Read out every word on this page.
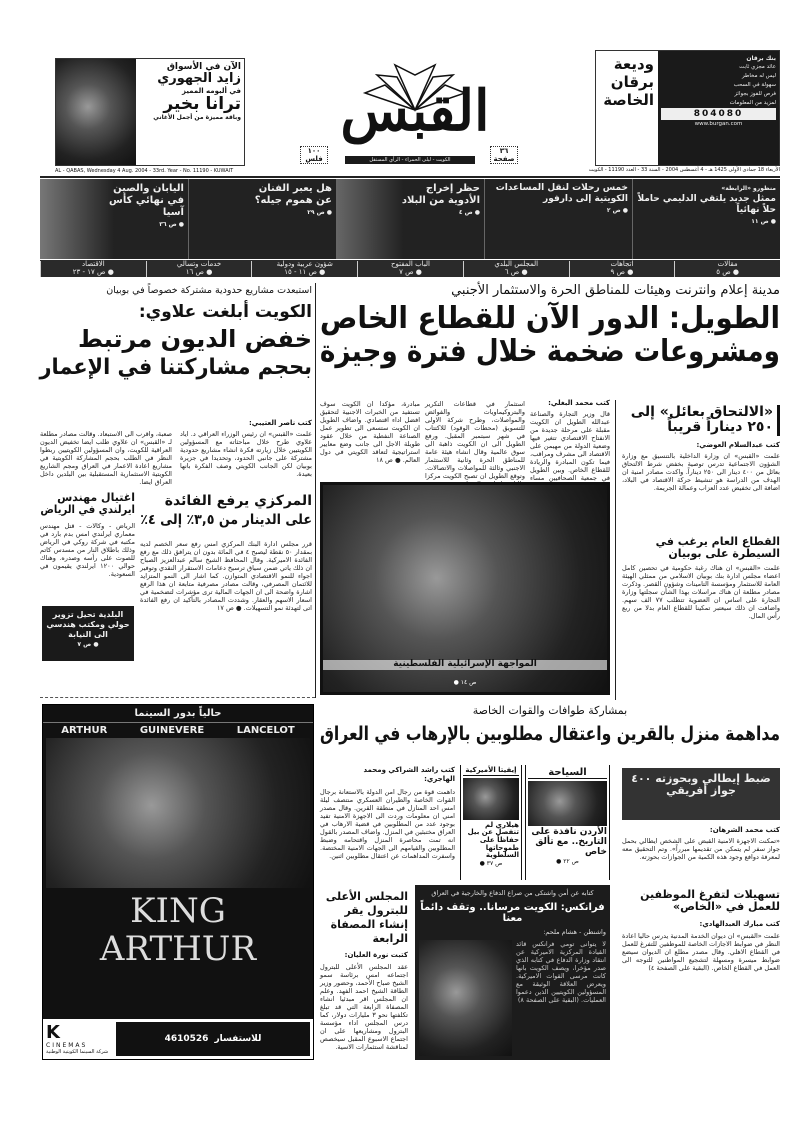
الآن في الأسواق
زايد الجهوري
في ألبومه المميز
ترانا بخير
وباقة مميزة من أجمل الأغاني	القبس
١٠٠
فلس
٣٦
صفحة
الكويت - ليلى الحمراء - الرأي المستقل
وديعة
برقان
الخاصة
بنك برقان
عائد مجزي ثابت
ليس له مخاطر
سهولة في السحب
فرص للفوز بجوائز
لمزيد من المعلومات
804080
www.burgan.com
AL - QABAS, Wednesday 4 Aug. 2004 - 33rd. Year - No. 11190 - KUWAIT	الأربعاء 18 جمادى الأولى 1425 هـ - 4 أغسطس 2004 - السنة 33 - العدد 11190 - الكويت
منظورو «الرابطة»
ممثل جديد يلتقي الدليمي حاملاً حلاً نهائياً
● ص ١١
خمس رحلات لنقل المساعدات الكويتية إلى دارفور
● ص ٢
حظر إخراج الأدوية من البلاد
● ص ٤
هل يعبر الفنان عن هموم جيله؟
● ص ٢٩
اليابان والصين في نهائي كأس آسيا
● ص ٣٦
مقالات
● ص ٥
اتجاهات
● ص ٩
المجلس البلدي
● ص ٦
الباب المفتوح
● ص ٧
شؤون عربية ودولية
● ص ١١ - ١٥
خدمات وتسالي
● ص ١٦
الاقتصاد
● ص ١٧ - ٢٣
مدينة إعلام وانترنت وهيئات للمناطق الحرة والاستثمار الأجنبي
الطويل: الدور الآن للقطاع الخاص
ومشروعات ضخمة خلال فترة وجيزة
كتب محمد البغلي:
قال وزير التجارة والصناعة عبدالله الطويل ان الكويت مقبلة على مرحلة جديدة من الانفتاح الاقتصادي تتغير فيها وضعية الدولة من مهيمن على الاقتصاد الى مشرف ومراقب، فيما تكون المبادرة والريادة للقطاع الخاص. وبين الطويل في جمعية الصحافيين مساء
استثمار في قطاعات التكرير والبتروكيماويات والفوائض والمواصلات، وطرح شركة الاولى للتسويق (محطات الوقود) للاكتتاب في شهر سبتمبر المقبل. ورفع الطويل الى ان الكويت ذاهبة الى سوق عالمية وقال انشاء هيئة عامة للمناطق الحرة وثانية للاستثمار الاجنبي وثالثة للمواصلات والاتصالات. وتوقع الطويل ان تصبح الكويت مركزا
مبادرة، مؤكدا ان الكويت سوف تستفيد من الخبرات الاجنبية لتحقيق افضل اداء اقتصادي. واضاف الطويل ان الكويت ستسعى الى تطوير عمل الصناعة النفطية من خلال عقود طويلة الاجل الى جانب وضع معايير استراتيجية لتعاقد الكويتي في دول العالم. ● ص ١٨
المواجهة الإسرائيلية الفلسطينية
● ص ١٤
«الالتحاق بعائل» إلى ٢٥٠ ديناراً قريباً
كتب عبدالسلام العوضي:
علمت «القبس» ان وزارة الداخلية بالتنسيق مع وزارة الشؤون الاجتماعية تدرس توصية بخفض شرط الالتحاق بعائل من ٤٠٠ دينار الى ٢٥٠ ديناراً. واكدت مصادر امنية ان الهدف من الدراسة هو تنشيط حركة الاقتصاد في البلاد، اضافة الى تخفيض عدد العزاب وعمالة الجريمة.
القطاع العام يرغب في السيطرة على بوبيان
علمت «القبس» ان هناك رغبة حكومية في تحصين كامل اعضاء مجلس ادارة بنك بوبيان الاسلامي من ممثلي الهيئة العامة للاستثمار ومؤسسة التامينات وشؤون القصر. وذكرت مصادر مطلعة ان هناك مراسلات بهذا الشأن سجلتها وزارة التجارة على اساس ان العضوية تتطلب ٧٧ الف سهم. واضافت ان ذلك سيعتبر تمكينا للقطاع العام بدلا من ربع رأس المال.
استبعدت مشاريع حدودية مشتركة خصوصاً في بوبيان
الكويت أبلغت علاوي:
خفض الديون مرتبط
بحجم مشاركتنا في الإعمار
كتب ناصر العتيبي:
علمت «القبس» ان رئيس الوزراء العراقي د. اياد علاوي طرح خلال مباحثاته مع المسؤولين الكويتيين خلال زيارته فكرة انشاء مشاريع حدودية مشتركة على جانبي الحدود، وتحديدا في جزيرة بوبيان لكن الجانب الكويتي وصف الفكرة بانها بعيدة.
صعبة، واقرب الى الاستبعاد. وقالت مصادر مطلعة لـ «القبس» ان علاوي طلب ايضا تخفيض الديون العراقية للكويت، وان المسؤولين الكويتيين ربطوا النظر في الطلب بحجم المشاركة الكويتية في مشاريع اعادة الاعمار في العراق ومجم الشاريع الكويتية الاستثمارية المستقبلية بين البلدين داخل العراق ايضا.
المركزي يرفع الفائدة
على الدينار من ٣,٥٪ إلى ٤٪
قرر مجلس ادارة البنك المركزي امس رفع سعر الخصم لديه بمقدار ٥٠ نقطة ليصبح ٤ في المائة بدون ان يترافق ذلك مع رفع الفائدة الاميركية. وقال المحافظ الشيخ سالم عبدالعزيز الصباح ان ذلك ياتي ضمن سياق ترسيخ دعامات الاستقرار النقدي وتوفير اجواء للنمو الاقتصادي المتوازن. كما اشار الى النمو المتزايد للائتمان المصرفي، وقالت مصادر مصرفية متابعة ان هذا الرفع اشارة واضحة الى ان الجهات المالية ترى مؤشرات لتضخمية في اسعار الاسهم والعقار. وشددت المصادر بالتأكيد ان رفع الفائدة اتى لتهدئة نمو التسهيلات. ● ص ١٧
اغتيال مهندس
ايرلندي في الرياض
الرياض - وكالات - قتل مهندس معماري ايرلندي امس بدم بارد في مكتبه في شركة روكي في الرياض وذلك باطلاق النار من مسدس كاتم للصوت على رأسه وصدره. وهناك حوالي ١٢٠٠ ايرلندي يقيمون في السعودية.
البلدية تحيل تزوير حولي ومكتب هندسي الى النيابة
● ص ٧
حالياً بدور السينما
ARTHUR	GUINEVERE	LANCELOT
KING
ARTHUR
K
CINEMAS
شركة السينما الكويتية الوطنية
4610526 للاستفسار
بمشاركة طوافات والقوات الخاصة
مداهمة منزل بالقرين واعتقال مطلوبين بالإرهاب في العراق
كتب راشد الشراكي ومحمد الهاجري:
داهمت قوة من رجال امن الدولة بالاستعانة برجال القوات الخاصة والطيران العسكري منتصف ليلة امس احد المنازل في منطقة القرين. وقال مصدر امني ان معلومات وردت الى الاجهزة الامنية تفيد بوجود عدد من المطلوبين في قضية الارهاب في العراق مختبئين في المنزل. واضاف المصدر بالقول انه تمت محاصرة المنزل واقتحامه وضبط المطلوبين والقيامهم الى الجهات الامنية المختصة. واسفرت المداهمات عن اعتقال مطلوبين اثنين.
السياحة
الأردن نافذة على التاريخ.. مع تألق خاص
● ص ٢٢
إيفيتا الأميركية
هيلاري لم تنفصل عن بيل حفاظاً على طموحاتها السلطوية
● ص ٣٧
ضبط إيطالي وبحوزته ٤٠٠ جواز أفريقي
كتب محمد الشرهان:
«تمكنت الاجهزة الامنية القبض على الشخص ايطالي بحمل جواز سفر لم يتمكن من تقديمها مبرراً». وتم التحقيق معه لمعرفة دوافع وجود هذه الكمية من الجوازات بحوزته.
تسهيلات لتفرغ الموظفين للعمل في «الخاص»
كتب مبارك العبدالهادي:
علمت «القبس» ان ديوان الخدمة المدنية يدرس حاليا اعادة النظر في ضوابط الاجازات الخاصة للموظفين للتفرغ للعمل في القطاع الاهلي. وقال مصدر مطلع ان الديوان سيضع ضوابط ميسرة ومسهلة لتشجيع المواطنين للتوجه الى العمل في القطاع الخاص. (البقية على الصفحة ٤)
المجلس الأعلى للبترول يقر إنشاء المصفاة الرابعة
كتبت نورة العليان:
عقد المجلس الأعلى للبترول اجتماعه امس برئاسة سمو الشيخ صباح الأحمد، وحضور وزير الطاقة الشيخ احمد الفهد. وعلم ان المجلس اقر مبدئيا انشاء المصفاة الرابعة التي قد تبلغ تكلفتها نحو ٣ مليارات دولار، كما درس المجلس اداء مؤسسة البترول ومشاريعها على ان اجتماع الاسبوع المقبل سيخصص لمناقشة استثمارات الاسية.
كتابه عن أمن واشتكى من صراع الدفاع والخارجية في العراق
فرانكس: الكويت مرسانا.. وتقف دائماً معنا
واشنطن - هشام ملحم:
لا يتوانى تومي فرانكس قائد القيادة المركزية الاميركية عن انتقاد وزارة الدفاع في كتابه الذي صدر مؤخرا، ويصف الكويت بانها كانت مرسى القوات الاميركية. ويعرض العلاقة الوثيقة مع المسؤولين الكويتيين الذين دعموا العمليات. (البقية على الصفحة ٨)
